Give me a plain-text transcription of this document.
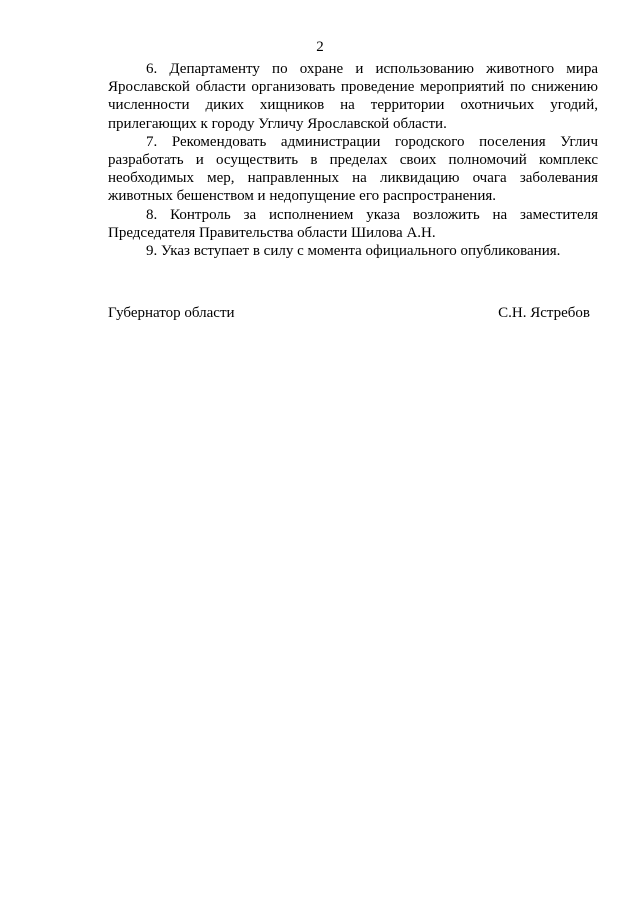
2

6. Департаменту по охране и использованию животного мира Ярославской области организовать проведение мероприятий по снижению численности диких хищников на территории охотничьих угодий, прилегающих к городу Угличу Ярославской области.

7. Рекомендовать администрации городского поселения Углич разработать и осуществить в пределах своих полномочий комплекс необходимых мер, направленных на ликвидацию очага заболевания животных бешенством и недопущение его распространения.

8. Контроль за исполнением указа возложить на заместителя Председателя Правительства области Шилова А.Н.

9. Указ вступает в силу с момента официального опубликования.

Губернатор области	С.Н. Ястребов
